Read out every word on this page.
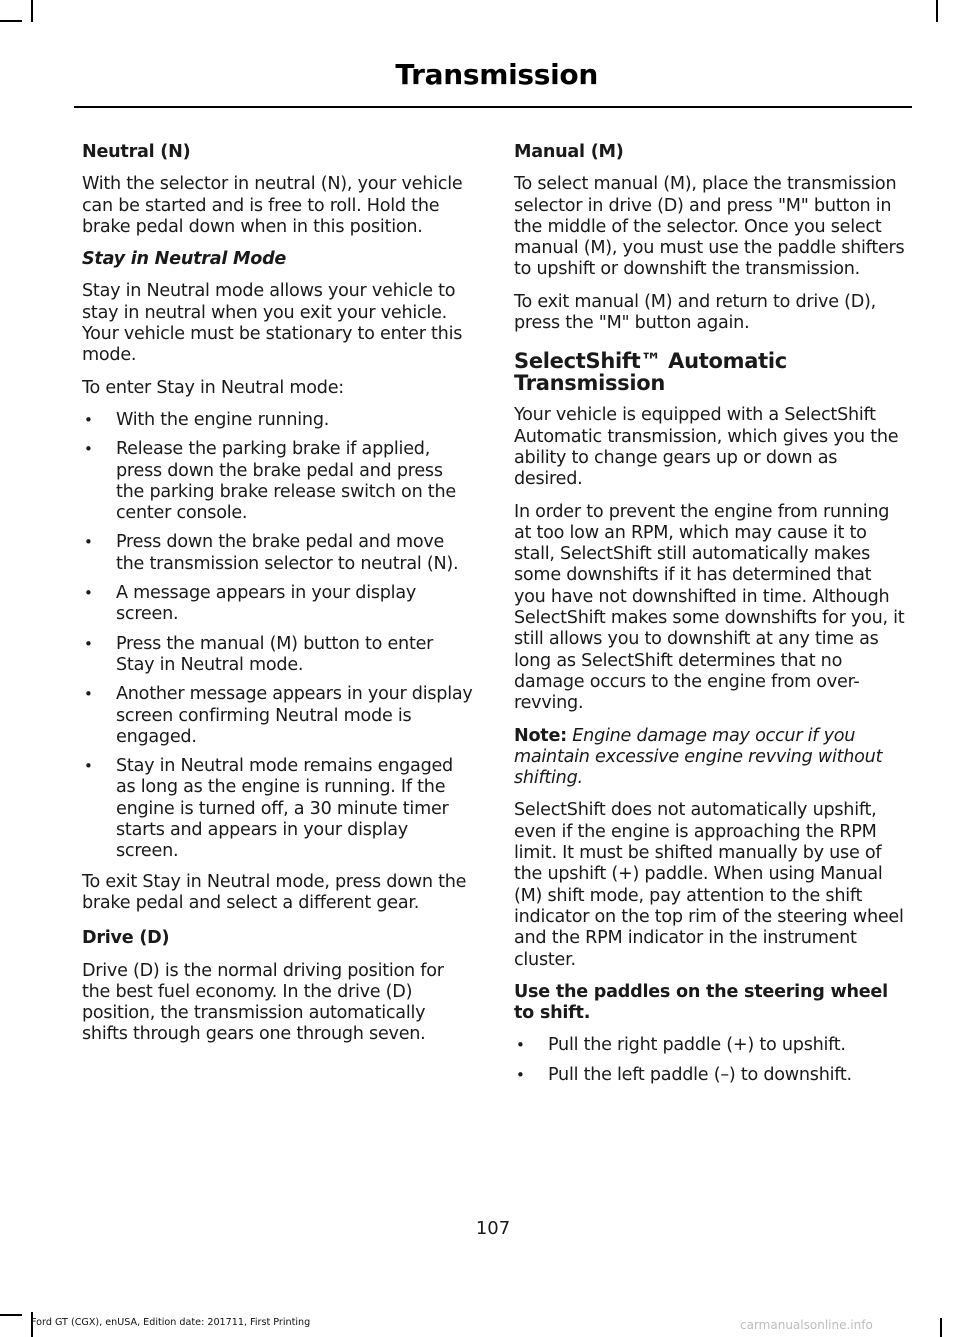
Transmission

Neutral (N)

With the selector in neutral (N), your vehicle can be started and is free to roll. Hold the brake pedal down when in this position.

Stay in Neutral Mode

Stay in Neutral mode allows your vehicle to stay in neutral when you exit your vehicle. Your vehicle must be stationary to enter this mode.

To enter Stay in Neutral mode:

• With the engine running.
• Release the parking brake if applied, press down the brake pedal and press the parking brake release switch on the center console.
• Press down the brake pedal and move the transmission selector to neutral (N).
• A message appears in your display screen.
• Press the manual (M) button to enter Stay in Neutral mode.
• Another message appears in your display screen confirming Neutral mode is engaged.
• Stay in Neutral mode remains engaged as long as the engine is running. If the engine is turned off, a 30 minute timer starts and appears in your display screen.

To exit Stay in Neutral mode, press down the brake pedal and select a different gear.

Drive (D)

Drive (D) is the normal driving position for the best fuel economy. In the drive (D) position, the transmission automatically shifts through gears one through seven.

Manual (M)

To select manual (M), place the transmission selector in drive (D) and press "M" button in the middle of the selector. Once you select manual (M), you must use the paddle shifters to upshift or downshift the transmission.

To exit manual (M) and return to drive (D), press the "M" button again.

SelectShift™ Automatic Transmission

Your vehicle is equipped with a SelectShift Automatic transmission, which gives you the ability to change gears up or down as desired.

In order to prevent the engine from running at too low an RPM, which may cause it to stall, SelectShift still automatically makes some downshifts if it has determined that you have not downshifted in time. Although SelectShift makes some downshifts for you, it still allows you to downshift at any time as long as SelectShift determines that no damage occurs to the engine from over-revving.

Note: Engine damage may occur if you maintain excessive engine revving without shifting.

SelectShift does not automatically upshift, even if the engine is approaching the RPM limit. It must be shifted manually by use of the upshift (+) paddle. When using Manual (M) shift mode, pay attention to the shift indicator on the top rim of the steering wheel and the RPM indicator in the instrument cluster.

Use the paddles on the steering wheel to shift.

• Pull the right paddle (+) to upshift.
• Pull the left paddle (–) to downshift.
107
Ford GT (CGX), enUSA, Edition date: 201711, First Printing	carmanualsonline.info
